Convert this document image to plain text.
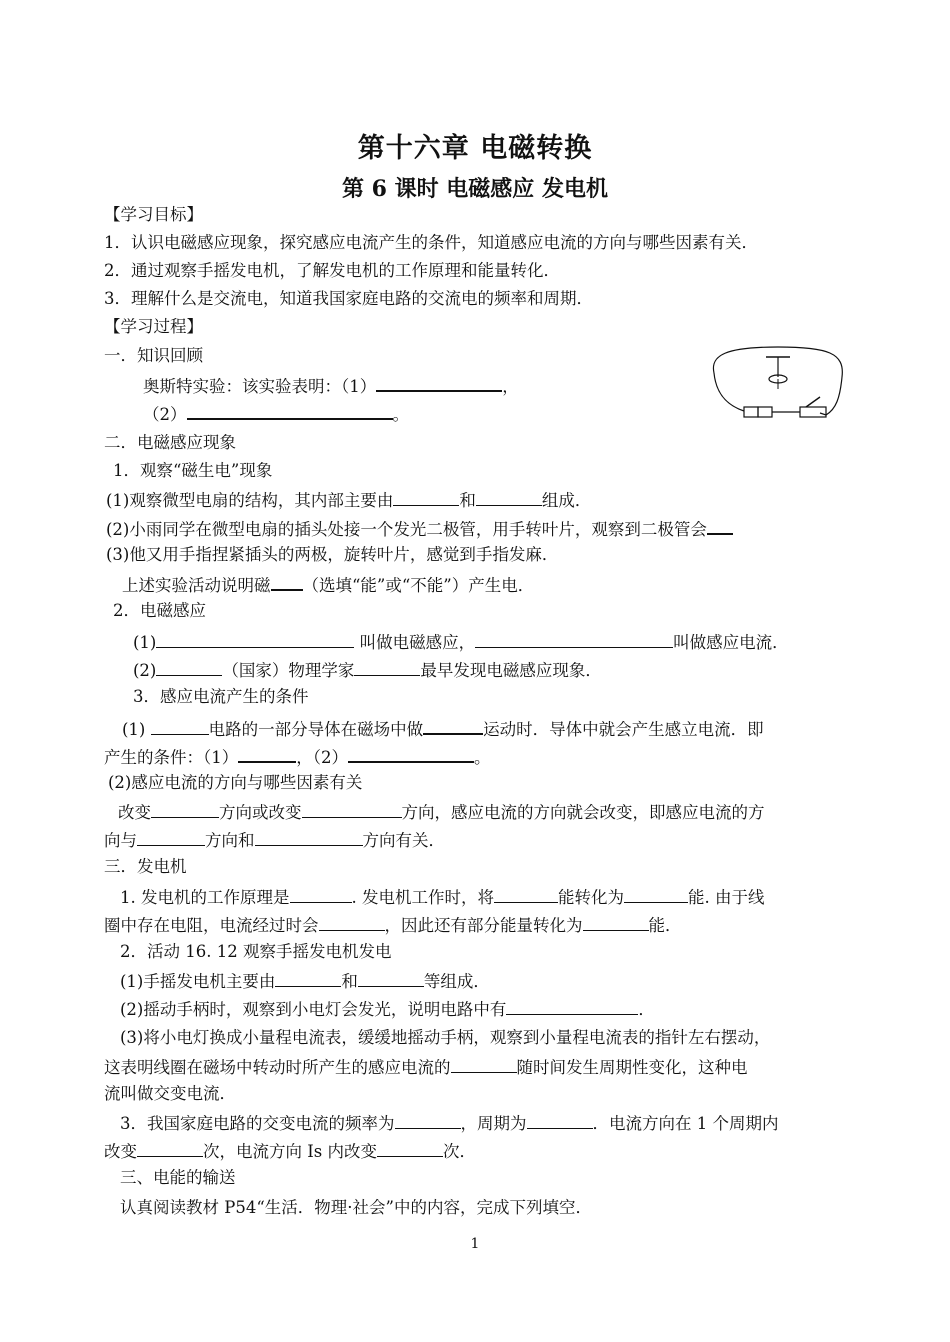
第十六章 电磁转换
第 6 课时 电磁感应 发电机
【学习目标】
1．认识电磁感应现象，探究感应电流产生的条件，知道感应电流的方向与哪些因素有关．
2．通过观察手摇发电机，了解发电机的工作原理和能量转化．
3．理解什么是交流电，知道我国家庭电路的交流电的频率和周期．
【学习过程】
一．知识回顾
奥斯特实验：该实验表明：（1）	，
（2）	。
二．电磁感应现象
1．观察“磁生电”现象
(1)观察微型电扇的结构，其内部主要由	和	组成．
(2)小雨同学在微型电扇的插头处接一个发光二极管，用手转叶片，观察到二极管会
(3)他又用手指捏紧插头的两极，旋转叶片，感觉到手指发麻．
上述实验活动说明磁 （选填“能”或“不能”）产生电．
2．电磁感应
(1)	叫做电磁感应，	叫做感应电流．
(2)	（国家）物理学家	最早发现电磁感应现象．
3．感应电流产生的条件
(1)	电路的一部分导体在磁场中做	运动时．导体中就会产生感立电流．即
产生的条件：（1）	，（2）	。
(2)感应电流的方向与哪些因素有关
改变	方向或改变	方向，感应电流的方向就会改变，即感应电流的方
向与	方向和	方向有关．
三．发电机
1. 发电机的工作原理是	. 发电机工作时，将	能转化为	能. 由于线
圈中存在电阻，电流经过时会	，因此还有部分能量转化为	能．
2．活动 16. 12 观察手摇发电机发电
(1)手摇发电机主要由	和	等组成．
(2)摇动手柄时，观察到小电灯会发光，说明电路中有	．
(3)将小电灯换成小量程电流表，缓缓地摇动手柄，观察到小量程电流表的指针左右摆动，
这表明线圈在磁场中转动时所产生的感应电流的	随时间发生周期性变化，这种电
流叫做交变电流．
3．我国家庭电路的交变电流的频率为	，周期为	．电流方向在 1 个周期内
改变	次，电流方向 Is 内改变	次．
三、电能的输送
认真阅读教材 P54“生活．物理·社会”中的内容，完成下列填空．
1
